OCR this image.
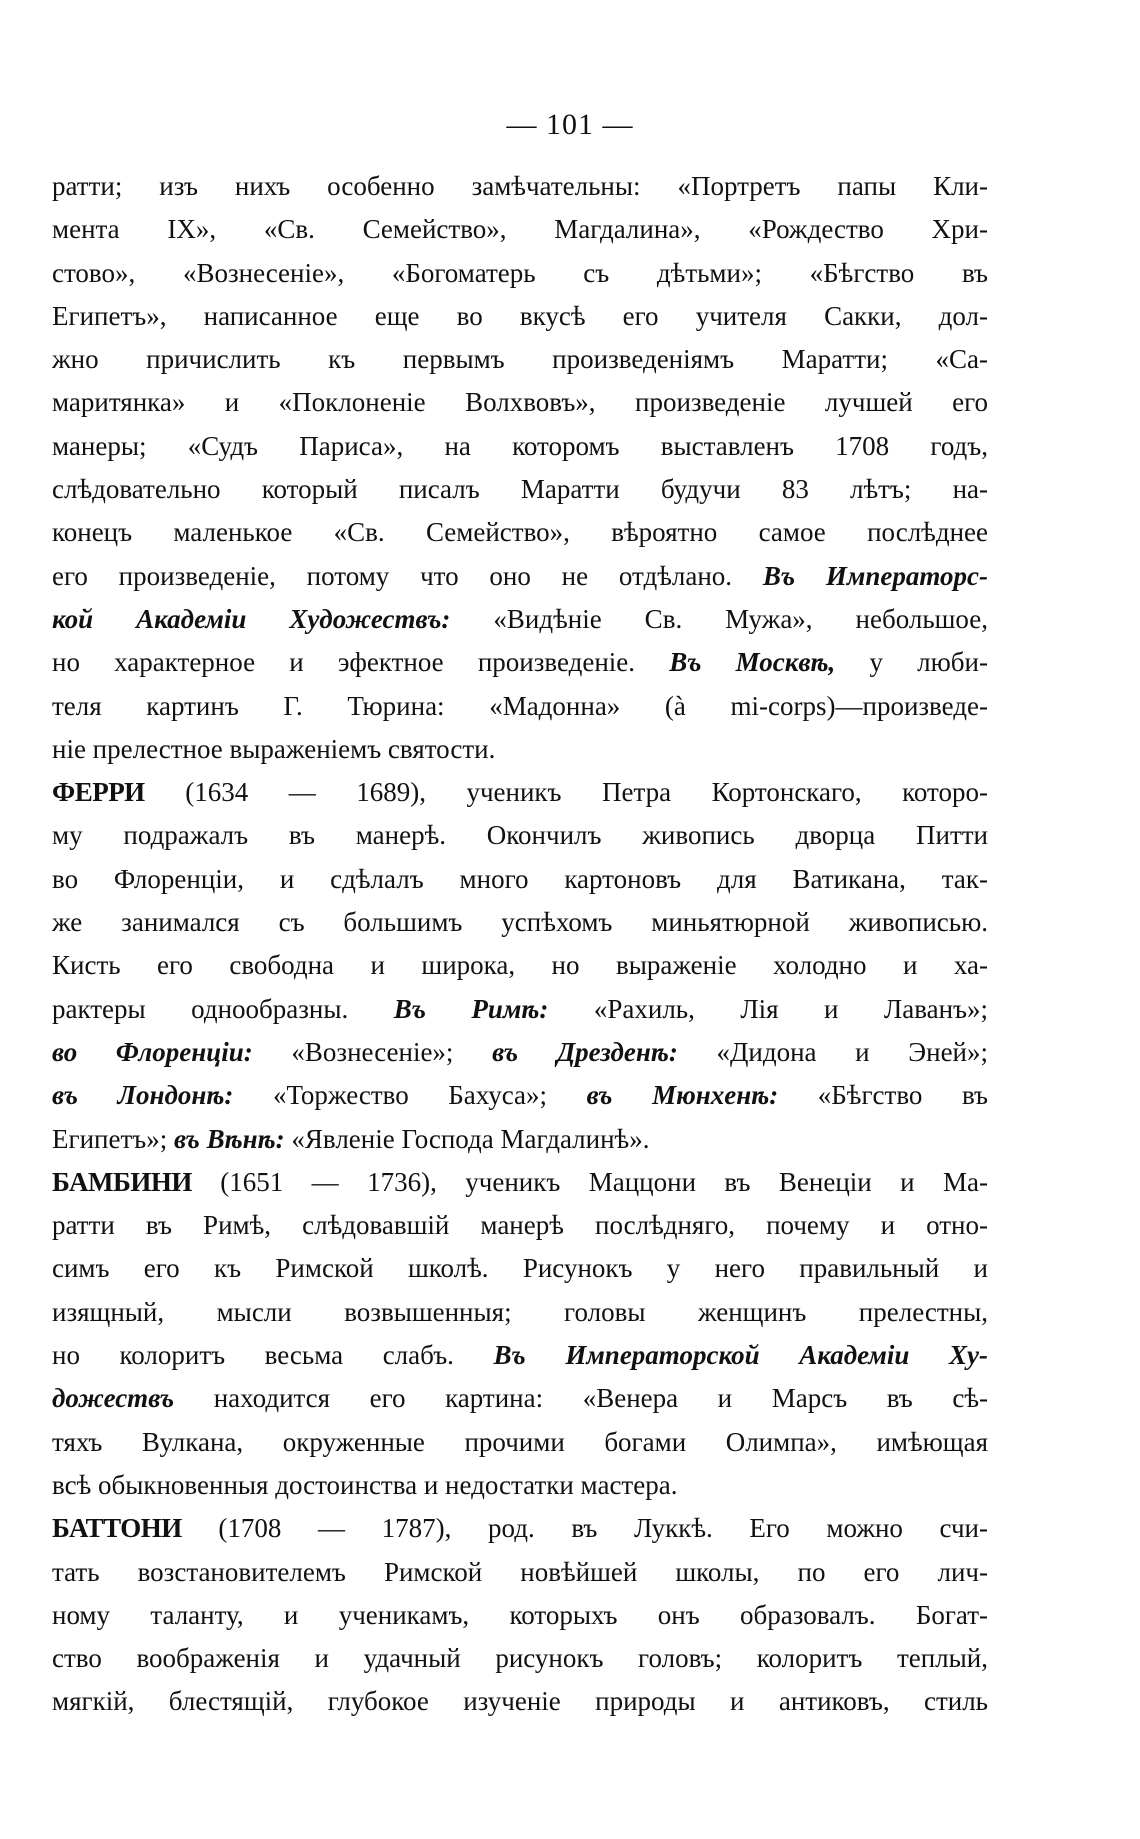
— 101 —
ратти; изъ нихъ особенно замѣчательны: «Портретъ папы Кли-
мента IX», «Св. Семейство», Магдалина», «Рождество Хри-
стово», «Вознесеніе», «Богоматерь съ дѣтьми»; «Бѣгство въ
Египетъ», написанное еще во вкусѣ его учителя Сакки, дол-
жно причислить къ первымъ произведеніямъ Маратти; «Са-
маритянка» и «Поклоненіе Волхвовъ», произведеніе лучшей его
манеры; «Судъ Париса», на которомъ выставленъ 1708 годъ,
слѣдовательно который писалъ Маратти будучи 83 лѣтъ; на-
конецъ маленькое «Св. Семейство», вѣроятно самое послѣднее
его произведеніе, потому что оно не отдѣлано. Въ Императорс-
кой Академіи Художествъ: «Видѣніе Св. Мужа», небольшое,
но характерное и эфектное произведеніе. Въ Москвѣ, у люби-
теля картинъ Г. Тюрина: «Мадонна» (à mi-corps)—произведе-
ніе прелестное выраженіемъ святости.
ФЕРРИ (1634 — 1689), ученикъ Петра Кортонскаго, которо-
му подражалъ въ манерѣ. Окончилъ живопись дворца Питти
во Флоренціи, и сдѣлалъ много картоновъ для Ватикана, так-
же занимался съ большимъ успѣхомъ миньятюрной живописью.
Кисть его свободна и широка, но выраженіе холодно и ха-
рактеры однообразны. Въ Римѣ: «Рахиль, Лія и Лаванъ»;
во Флоренціи: «Вознесеніе»; въ Дрезденѣ: «Дидона и Эней»;
въ Лондонѣ: «Торжество Бахуса»; въ Мюнхенѣ: «Бѣгство въ
Египетъ»; въ Вѣнѣ: «Явленіе Господа Магдалинѣ».
БАМБИНИ (1651 — 1736), ученикъ Маццони въ Венеціи и Ма-
ратти въ Римѣ, слѣдовавшій манерѣ послѣдняго, почему и отно-
симъ его къ Римской школѣ. Рисунокъ у него правильный и
изящный, мысли возвышенныя; головы женщинъ прелестны,
но колоритъ весьма слабъ. Въ Императорской Академіи Ху-
дожествъ находится его картина: «Венера и Марсъ въ сѣ-
тяхъ Вулкана, окруженные прочими богами Олимпа», имѣющая
всѣ обыкновенныя достоинства и недостатки мастера.
БАТТОНИ (1708 — 1787), род. въ Луккѣ. Его можно счи-
тать возстановителемъ Римской новѣйшей школы, по его лич-
ному таланту, и ученикамъ, которыхъ онъ образовалъ. Богат-
ство воображенія и удачный рисунокъ головъ; колоритъ теплый,
мягкій, блестящій, глубокое изученіе природы и антиковъ, стиль
